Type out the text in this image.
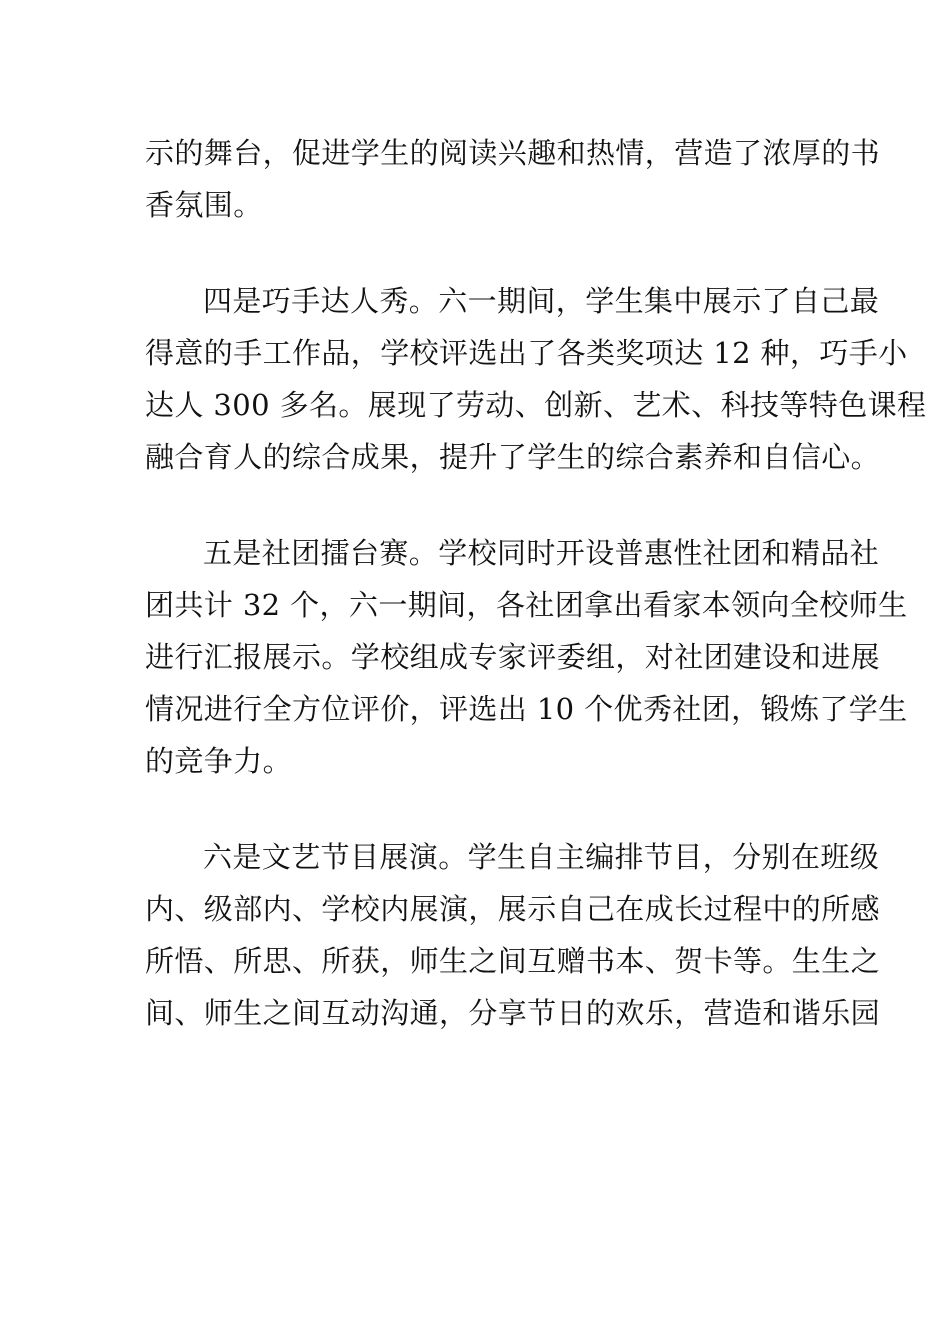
示的舞台，促进学生的阅读兴趣和热情，营造了浓厚的书
香氛围。

四是巧手达人秀。六一期间，学生集中展示了自己最
得意的手工作品，学校评选出了各类奖项达 12 种，巧手小
达人 300 多名。展现了劳动、创新、艺术、科技等特色课程
融合育人的综合成果，提升了学生的综合素养和自信心。

五是社团擂台赛。学校同时开设普惠性社团和精品社
团共计 32 个，六一期间，各社团拿出看家本领向全校师生
进行汇报展示。学校组成专家评委组，对社团建设和进展
情况进行全方位评价，评选出 10 个优秀社团，锻炼了学生
的竞争力。

六是文艺节目展演。学生自主编排节目，分别在班级
内、级部内、学校内展演，展示自己在成长过程中的所感
所悟、所思、所获，师生之间互赠书本、贺卡等。生生之
间、师生之间互动沟通，分享节日的欢乐，营造和谐乐园
